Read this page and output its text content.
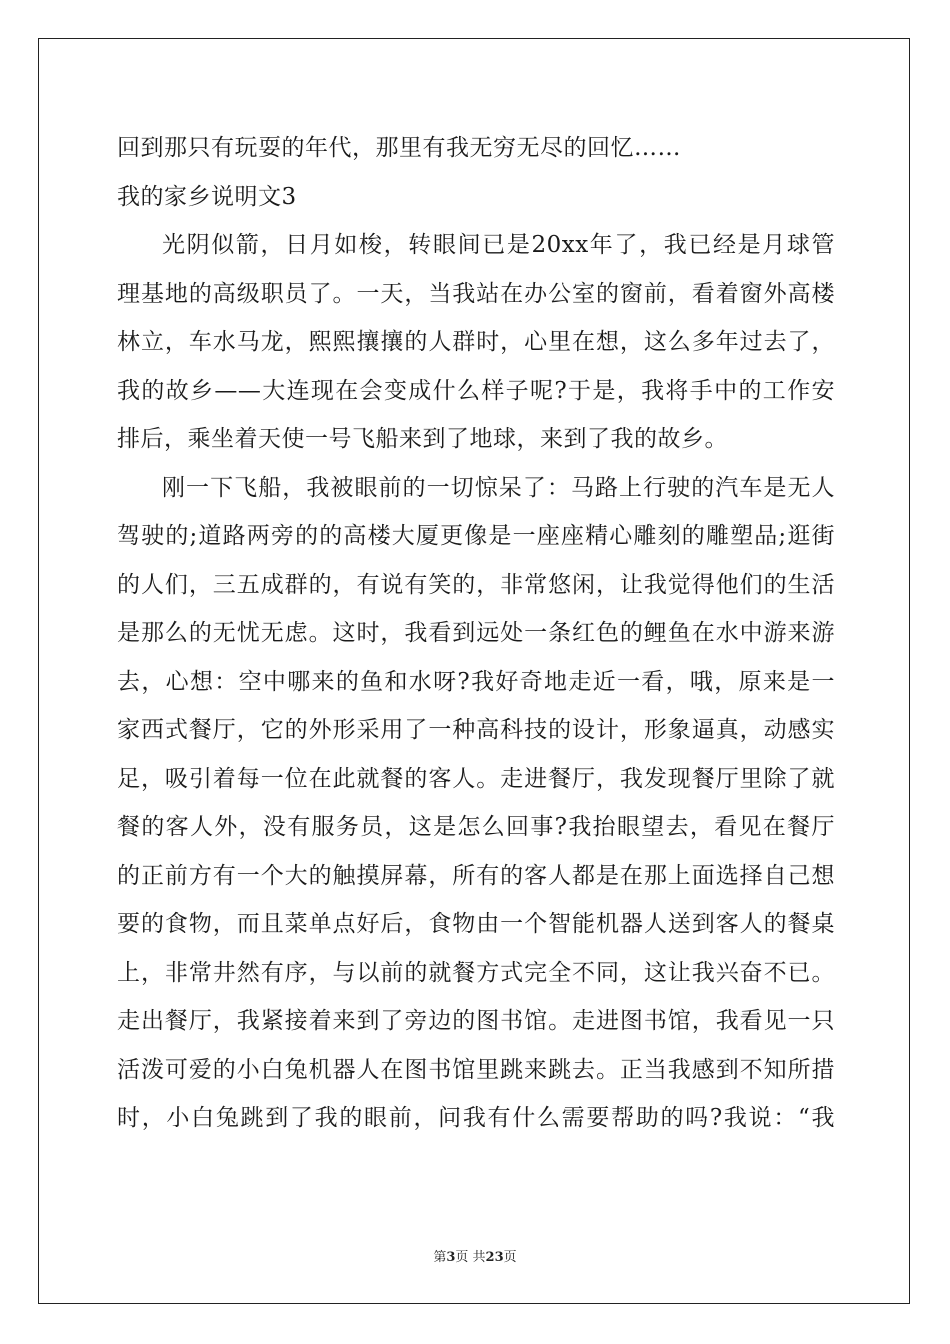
回到那只有玩耍的年代，那里有我无穷无尽的回忆……
我的家乡说明文3
光阴似箭，日月如梭，转眼间已是20xx年了，我已经是月球管
理基地的高级职员了。一天，当我站在办公室的窗前，看着窗外高楼
林立，车水马龙，熙熙攘攘的人群时，心里在想，这么多年过去了，
我的故乡——大连现在会变成什么样子呢?于是，我将手中的工作安
排后，乘坐着天使一号飞船来到了地球，来到了我的故乡。
刚一下飞船，我被眼前的一切惊呆了：马路上行驶的汽车是无人
驾驶的;道路两旁的的高楼大厦更像是一座座精心雕刻的雕塑品;逛街
的人们，三五成群的，有说有笑的，非常悠闲，让我觉得他们的生活
是那么的无忧无虑。这时，我看到远处一条红色的鲤鱼在水中游来游
去，心想：空中哪来的鱼和水呀?我好奇地走近一看，哦，原来是一
家西式餐厅，它的外形采用了一种高科技的设计，形象逼真，动感实
足，吸引着每一位在此就餐的客人。走进餐厅，我发现餐厅里除了就
餐的客人外，没有服务员，这是怎么回事?我抬眼望去，看见在餐厅
的正前方有一个大的触摸屏幕，所有的客人都是在那上面选择自己想
要的食物，而且菜单点好后，食物由一个智能机器人送到客人的餐桌
上，非常井然有序，与以前的就餐方式完全不同，这让我兴奋不已。
走出餐厅，我紧接着来到了旁边的图书馆。走进图书馆，我看见一只
活泼可爱的小白兔机器人在图书馆里跳来跳去。正当我感到不知所措
时，小白兔跳到了我的眼前，问我有什么需要帮助的吗?我说：“我
第3页 共23页
